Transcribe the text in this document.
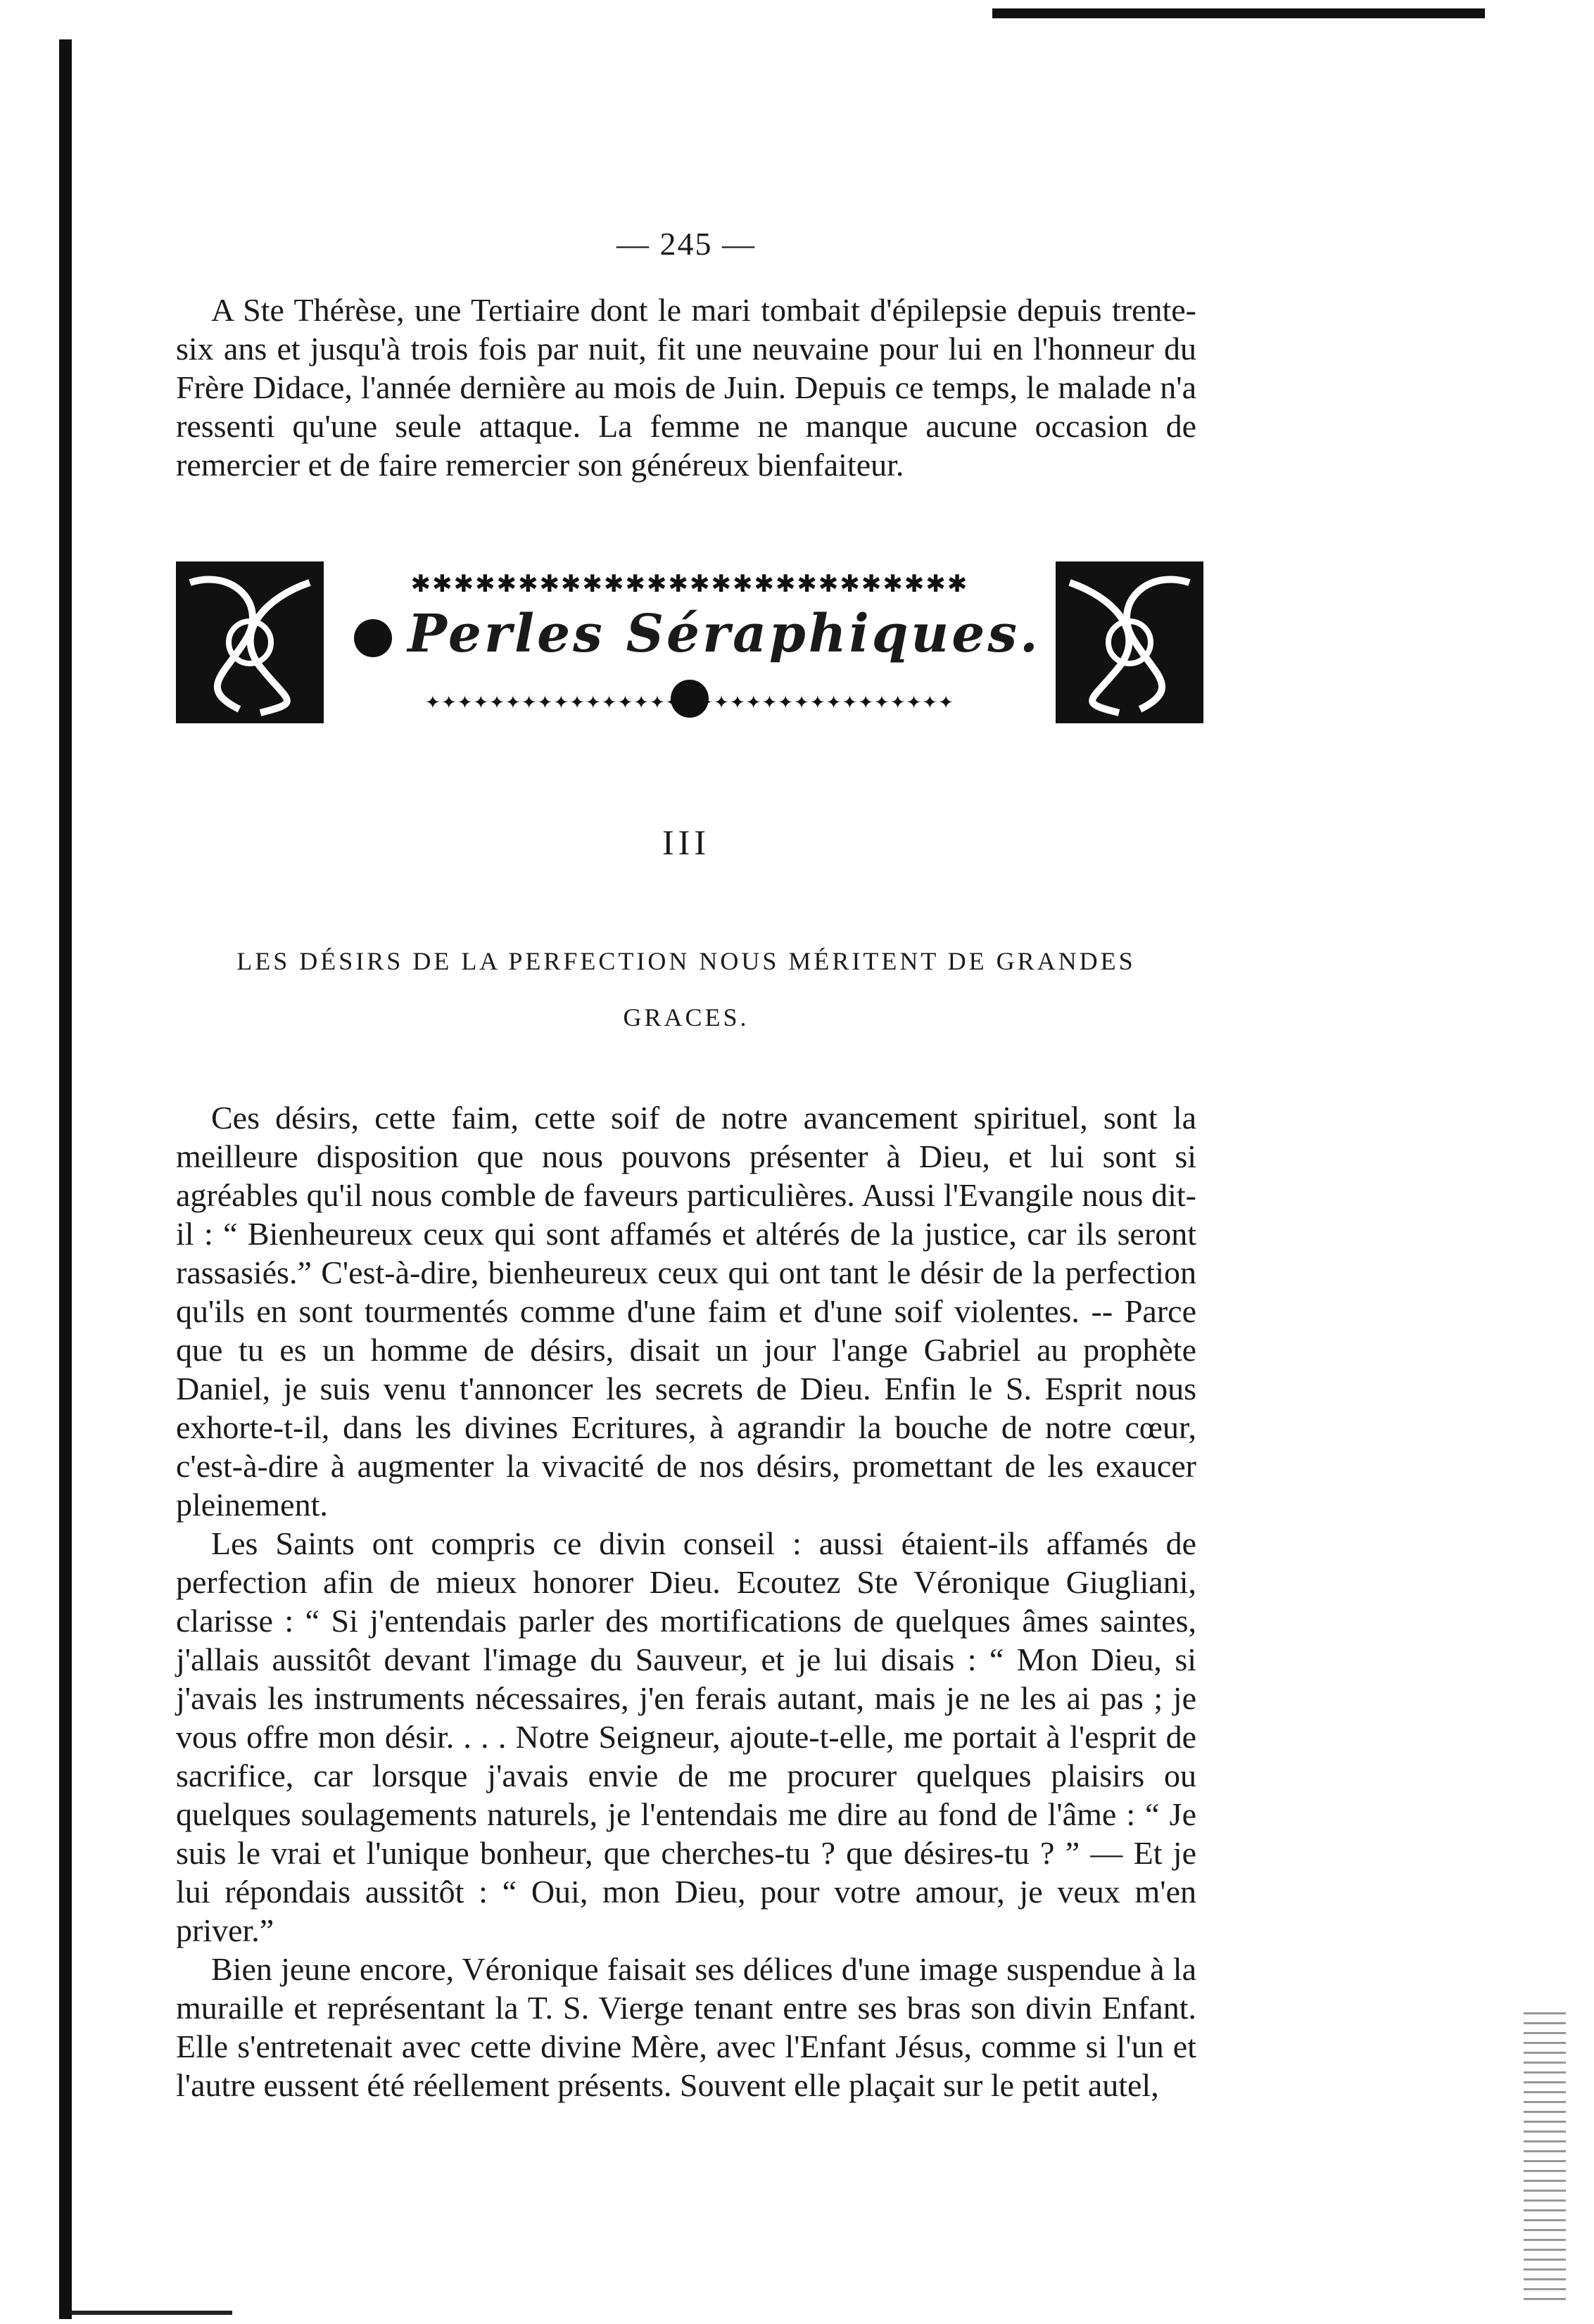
— 245 —

A Ste Thérèse, une Tertiaire dont le mari tombait d'épilepsie depuis trente-six ans et jusqu'à trois fois par nuit, fit une neuvaine pour lui en l'honneur du Frère Didace, l'année dernière au mois de Juin. Depuis ce temps, le malade n'a ressenti qu'une seule attaque. La femme ne manque aucune occasion de remercier et de faire remercier son généreux bienfaiteur.

✱✱✱✱✱✱✱✱✱✱✱✱✱✱✱✱✱✱✱✱✱✱✱✱✱✱
Perles Séraphiques.
✦✦✦✦✦✦✦✦✦✦✦✦✦✦✦✦✦✦✦✦✦✦✦✦✦✦✦✦✦✦✦✦✦
III
LES DÉSIRS DE LA PERFECTION NOUS MÉRITENT DE GRANDES GRACES.

Ces désirs, cette faim, cette soif de notre avancement spirituel, sont la meilleure disposition que nous pouvons présenter à Dieu, et lui sont si agréables qu'il nous comble de faveurs particulières. Aussi l'Evangile nous dit-il : “ Bienheureux ceux qui sont affamés et altérés de la justice, car ils seront rassasiés.” C'est-à-dire, bienheureux ceux qui ont tant le désir de la perfection qu'ils en sont tourmentés comme d'une faim et d'une soif violentes. -- Parce que tu es un homme de désirs, disait un jour l'ange Gabriel au prophète Daniel, je suis venu t'annoncer les secrets de Dieu. Enfin le S. Esprit nous exhorte-t-il, dans les divines Ecritures, à agrandir la bouche de notre cœur, c'est-à-dire à augmenter la vivacité de nos désirs, promettant de les exaucer pleinement.

Les Saints ont compris ce divin conseil : aussi étaient-ils affamés de perfection afin de mieux honorer Dieu. Ecoutez Ste Véronique Giugliani, clarisse : “ Si j'entendais parler des mortifications de quelques âmes saintes, j'allais aussitôt devant l'image du Sauveur, et je lui disais : “ Mon Dieu, si j'avais les instruments nécessaires, j'en ferais autant, mais je ne les ai pas ; je vous offre mon désir. . . . Notre Seigneur, ajoute-t-elle, me portait à l'esprit de sacrifice, car lorsque j'avais envie de me procurer quelques plaisirs ou quelques soulagements naturels, je l'entendais me dire au fond de l'âme : “ Je suis le vrai et l'unique bonheur, que cherches-tu ? que désires-tu ? ” — Et je lui répondais aussitôt : “ Oui, mon Dieu, pour votre amour, je veux m'en priver.”

Bien jeune encore, Véronique faisait ses délices d'une image suspendue à la muraille et représentant la T. S. Vierge tenant entre ses bras son divin Enfant. Elle s'entretenait avec cette divine Mère, avec l'Enfant Jésus, comme si l'un et l'autre eussent été réellement présents. Souvent elle plaçait sur le petit autel,
